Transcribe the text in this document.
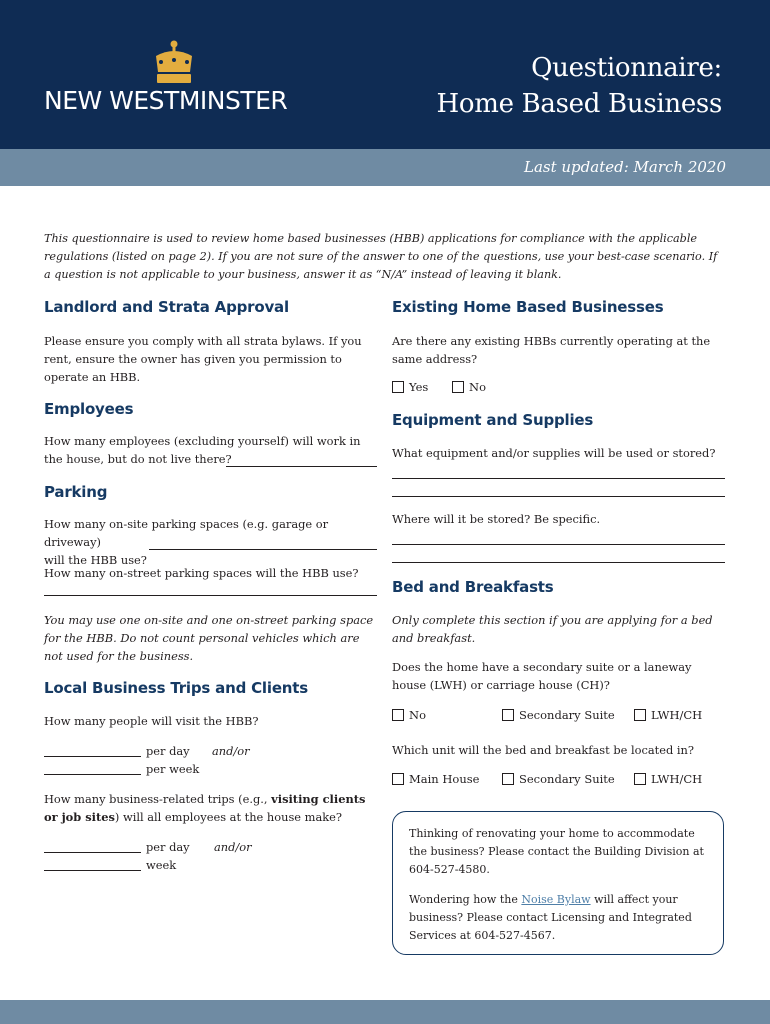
NEW WESTMINSTER
Questionnaire:
Home Based Business
Last updated: March 2020
This questionnaire is used to review home based businesses (HBB) applications for compliance with the applicable regulations (listed on page 2). If you are not sure of the answer to one of the questions, use your best-case scenario. If a question is not applicable to your business, answer it as “N/A” instead of leaving it blank.
Landlord and Strata Approval
Please ensure you comply with all strata bylaws. If you rent, ensure the owner has given you permission to operate an HBB.
Employees
How many employees (excluding yourself) will work in
the house, but do not live there?
Parking
How many on-site parking spaces (e.g. garage or driveway)
will the HBB use?
How many on-street parking spaces will the HBB use?
You may use one on-site and one on-street parking space for the HBB. Do not count personal vehicles which are not used for the business.
Local Business Trips and Clients
How many people will visit the HBB?
per day and/or
per week
How many business-related trips (e.g., visiting clients or job sites) will all employees at the house make?
per day and/or
week
Existing Home Based Businesses
Are there any existing HBBs currently operating at the same address?
Yes	No
Equipment and Supplies
What equipment and/or supplies will be used or stored?
Where will it be stored? Be specific.
Bed and Breakfasts
Only complete this section if you are applying for a bed and breakfast.
Does the home have a secondary suite or a laneway house (LWH) or carriage house (CH)?
No	Secondary Suite	LWH/CH
Which unit will the bed and breakfast be located in?
Main House	Secondary Suite	LWH/CH
Thinking of renovating your home to accommodate the business? Please contact the Building Division at 604-527-4580.
Wondering how the Noise Bylaw will affect your business? Please contact Licensing and Integrated Services at 604-527-4567.
